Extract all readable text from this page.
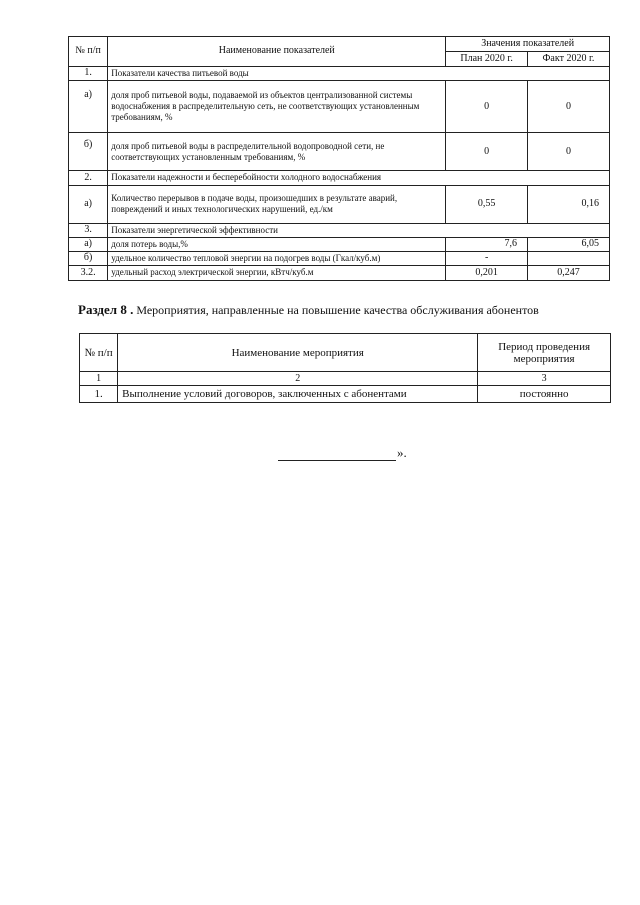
№ п/п	Наименование показателей	Значения показателей	
		План 2020 г.	Факт 2020 г.
1.	Показатели качества питьевой воды		
а)	доля проб питьевой воды, подаваемой из объектов централизованной системы водоснабжения в распределительную сеть, не соответствующих установленным требованиям, %	0	0
б)	доля проб питьевой воды в распределительной водопроводной сети, не соответствующих установленным требованиям, %	0	0
2.	Показатели надежности и бесперебойности холодного водоснабжения		
а)	Количество перерывов в подаче воды, произошедших в результате аварий, повреждений и иных технологических нарушений, ед./км	0,55	0,16
3.	Показатели энергетической эффективности		
а)	доля потерь воды,%	7,6	6,05
б)	удельное количество тепловой энергии на подогрев воды (Гкал/куб.м)	-	
3.2.	удельный расход электрической энергии, кВтч/куб.м	0,201	0,247
Раздел 8 . Мероприятия, направленные на повышение качества обслуживания абонентов
№ п/п	Наименование мероприятия	Период проведения мероприятия
1	2	3
1.	Выполнение условий договоров, заключенных с абонентами	постоянно
».
